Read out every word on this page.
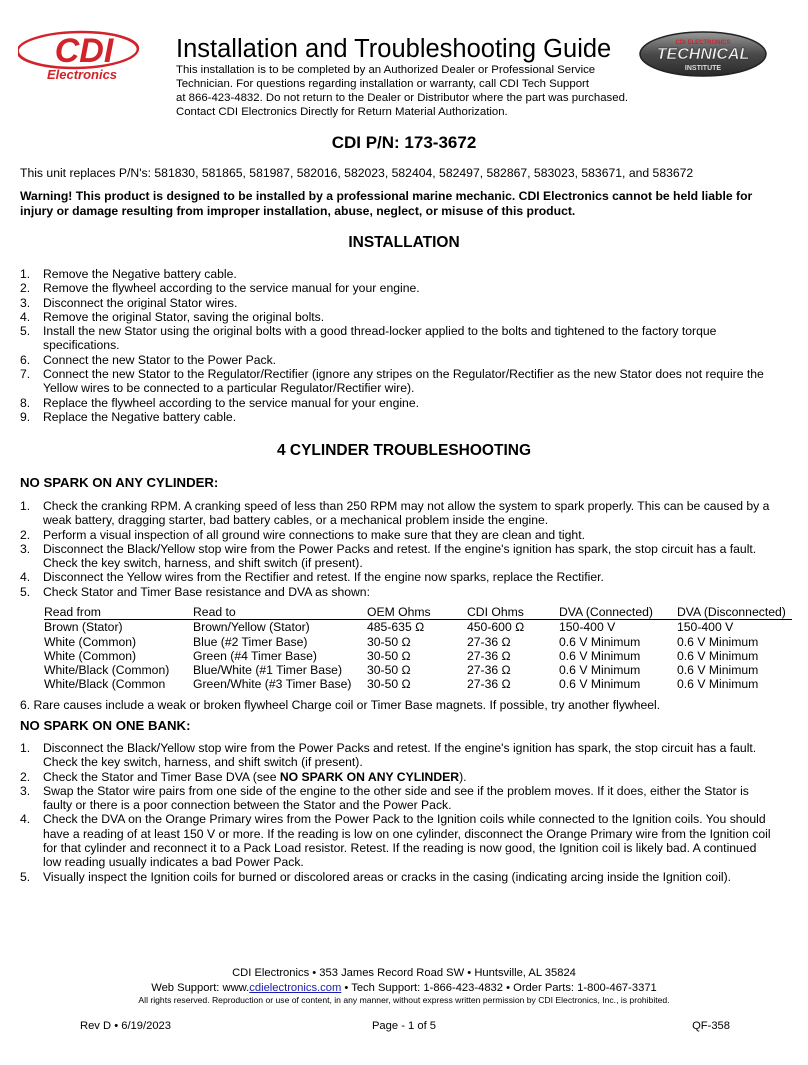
CDI
Electronics
Installation and Troubleshooting Guide
This installation is to be completed by an Authorized Dealer or Professional Service
Technician. For questions regarding installation or warranty, call CDI Tech Support
at 866-423-4832. Do not return to the Dealer or Distributor where the part was purchased.
Contact CDI Electronics Directly for Return Material Authorization.
CDI ELECTRONICS
TECHNICAL
INSTITUTE
CDI P/N: 173-3672
This unit replaces P/N's: 581830, 581865, 581987, 582016, 582023, 582404, 582497, 582867, 583023, 583671, and 583672
Warning! This product is designed to be installed by a professional marine mechanic. CDI Electronics cannot be held liable for
injury or damage resulting from improper installation, abuse, neglect, or misuse of this product.
INSTALLATION
1. Remove the Negative battery cable.
2. Remove the flywheel according to the service manual for your engine.
3. Disconnect the original Stator wires.
4. Remove the original Stator, saving the original bolts.
5. Install the new Stator using the original bolts with a good thread-locker applied to the bolts and tightened to the factory torque
specifications.
6. Connect the new Stator to the Power Pack.
7. Connect the new Stator to the Regulator/Rectifier (ignore any stripes on the Regulator/Rectifier as the new Stator does not require the
Yellow wires to be connected to a particular Regulator/Rectifier wire).
8. Replace the flywheel according to the service manual for your engine.
9. Replace the Negative battery cable.
4 CYLINDER TROUBLESHOOTING
NO SPARK ON ANY CYLINDER:
1. Check the cranking RPM. A cranking speed of less than 250 RPM may not allow the system to spark properly. This can be caused by a
weak battery, dragging starter, bad battery cables, or a mechanical problem inside the engine.
2. Perform a visual inspection of all ground wire connections to make sure that they are clean and tight.
3. Disconnect the Black/Yellow stop wire from the Power Packs and retest. If the engine's ignition has spark, the stop circuit has a fault.
Check the key switch, harness, and shift switch (if present).
4. Disconnect the Yellow wires from the Rectifier and retest. If the engine now sparks, replace the Rectifier.
5. Check Stator and Timer Base resistance and DVA as shown:
Read from	Read to	OEM Ohms	CDI Ohms	DVA (Connected)	DVA (Disconnected)
Brown (Stator)	Brown/Yellow (Stator)	485-635 Ω	450-600 Ω	150-400 V	150-400 V
White (Common)	Blue (#2 Timer Base)	30-50 Ω	27-36 Ω	0.6 V Minimum	0.6 V Minimum
White (Common)	Green (#4 Timer Base)	30-50 Ω	27-36 Ω	0.6 V Minimum	0.6 V Minimum
White/Black (Common)	Blue/White (#1 Timer Base)	30-50 Ω	27-36 Ω	0.6 V Minimum	0.6 V Minimum
White/Black (Common	Green/White (#3 Timer Base)	30-50 Ω	27-36 Ω	0.6 V Minimum	0.6 V Minimum
6. Rare causes include a weak or broken flywheel Charge coil or Timer Base magnets. If possible, try another flywheel.
NO SPARK ON ONE BANK:
1. Disconnect the Black/Yellow stop wire from the Power Packs and retest. If the engine's ignition has spark, the stop circuit has a fault.
Check the key switch, harness, and shift switch (if present).
2. Check the Stator and Timer Base DVA (see NO SPARK ON ANY CYLINDER).
3. Swap the Stator wire pairs from one side of the engine to the other side and see if the problem moves. If it does, either the Stator is
faulty or there is a poor connection between the Stator and the Power Pack.
4. Check the DVA on the Orange Primary wires from the Power Pack to the Ignition coils while connected to the Ignition coils. You should
have a reading of at least 150 V or more. If the reading is low on one cylinder, disconnect the Orange Primary wire from the Ignition coil
for that cylinder and reconnect it to a Pack Load resistor. Retest. If the reading is now good, the Ignition coil is likely bad. A continued
low reading usually indicates a bad Power Pack.
5. Visually inspect the Ignition coils for burned or discolored areas or cracks in the casing (indicating arcing inside the Ignition coil).
CDI Electronics • 353 James Record Road SW • Huntsville, AL 35824
Web Support: www.cdielectronics.com • Tech Support: 1-866-423-4832 • Order Parts: 1-800-467-3371
All rights reserved. Reproduction or use of content, in any manner, without express written permission by CDI Electronics, Inc., is prohibited.
Rev D • 6/19/2023	Page - 1 of 5	QF-358
